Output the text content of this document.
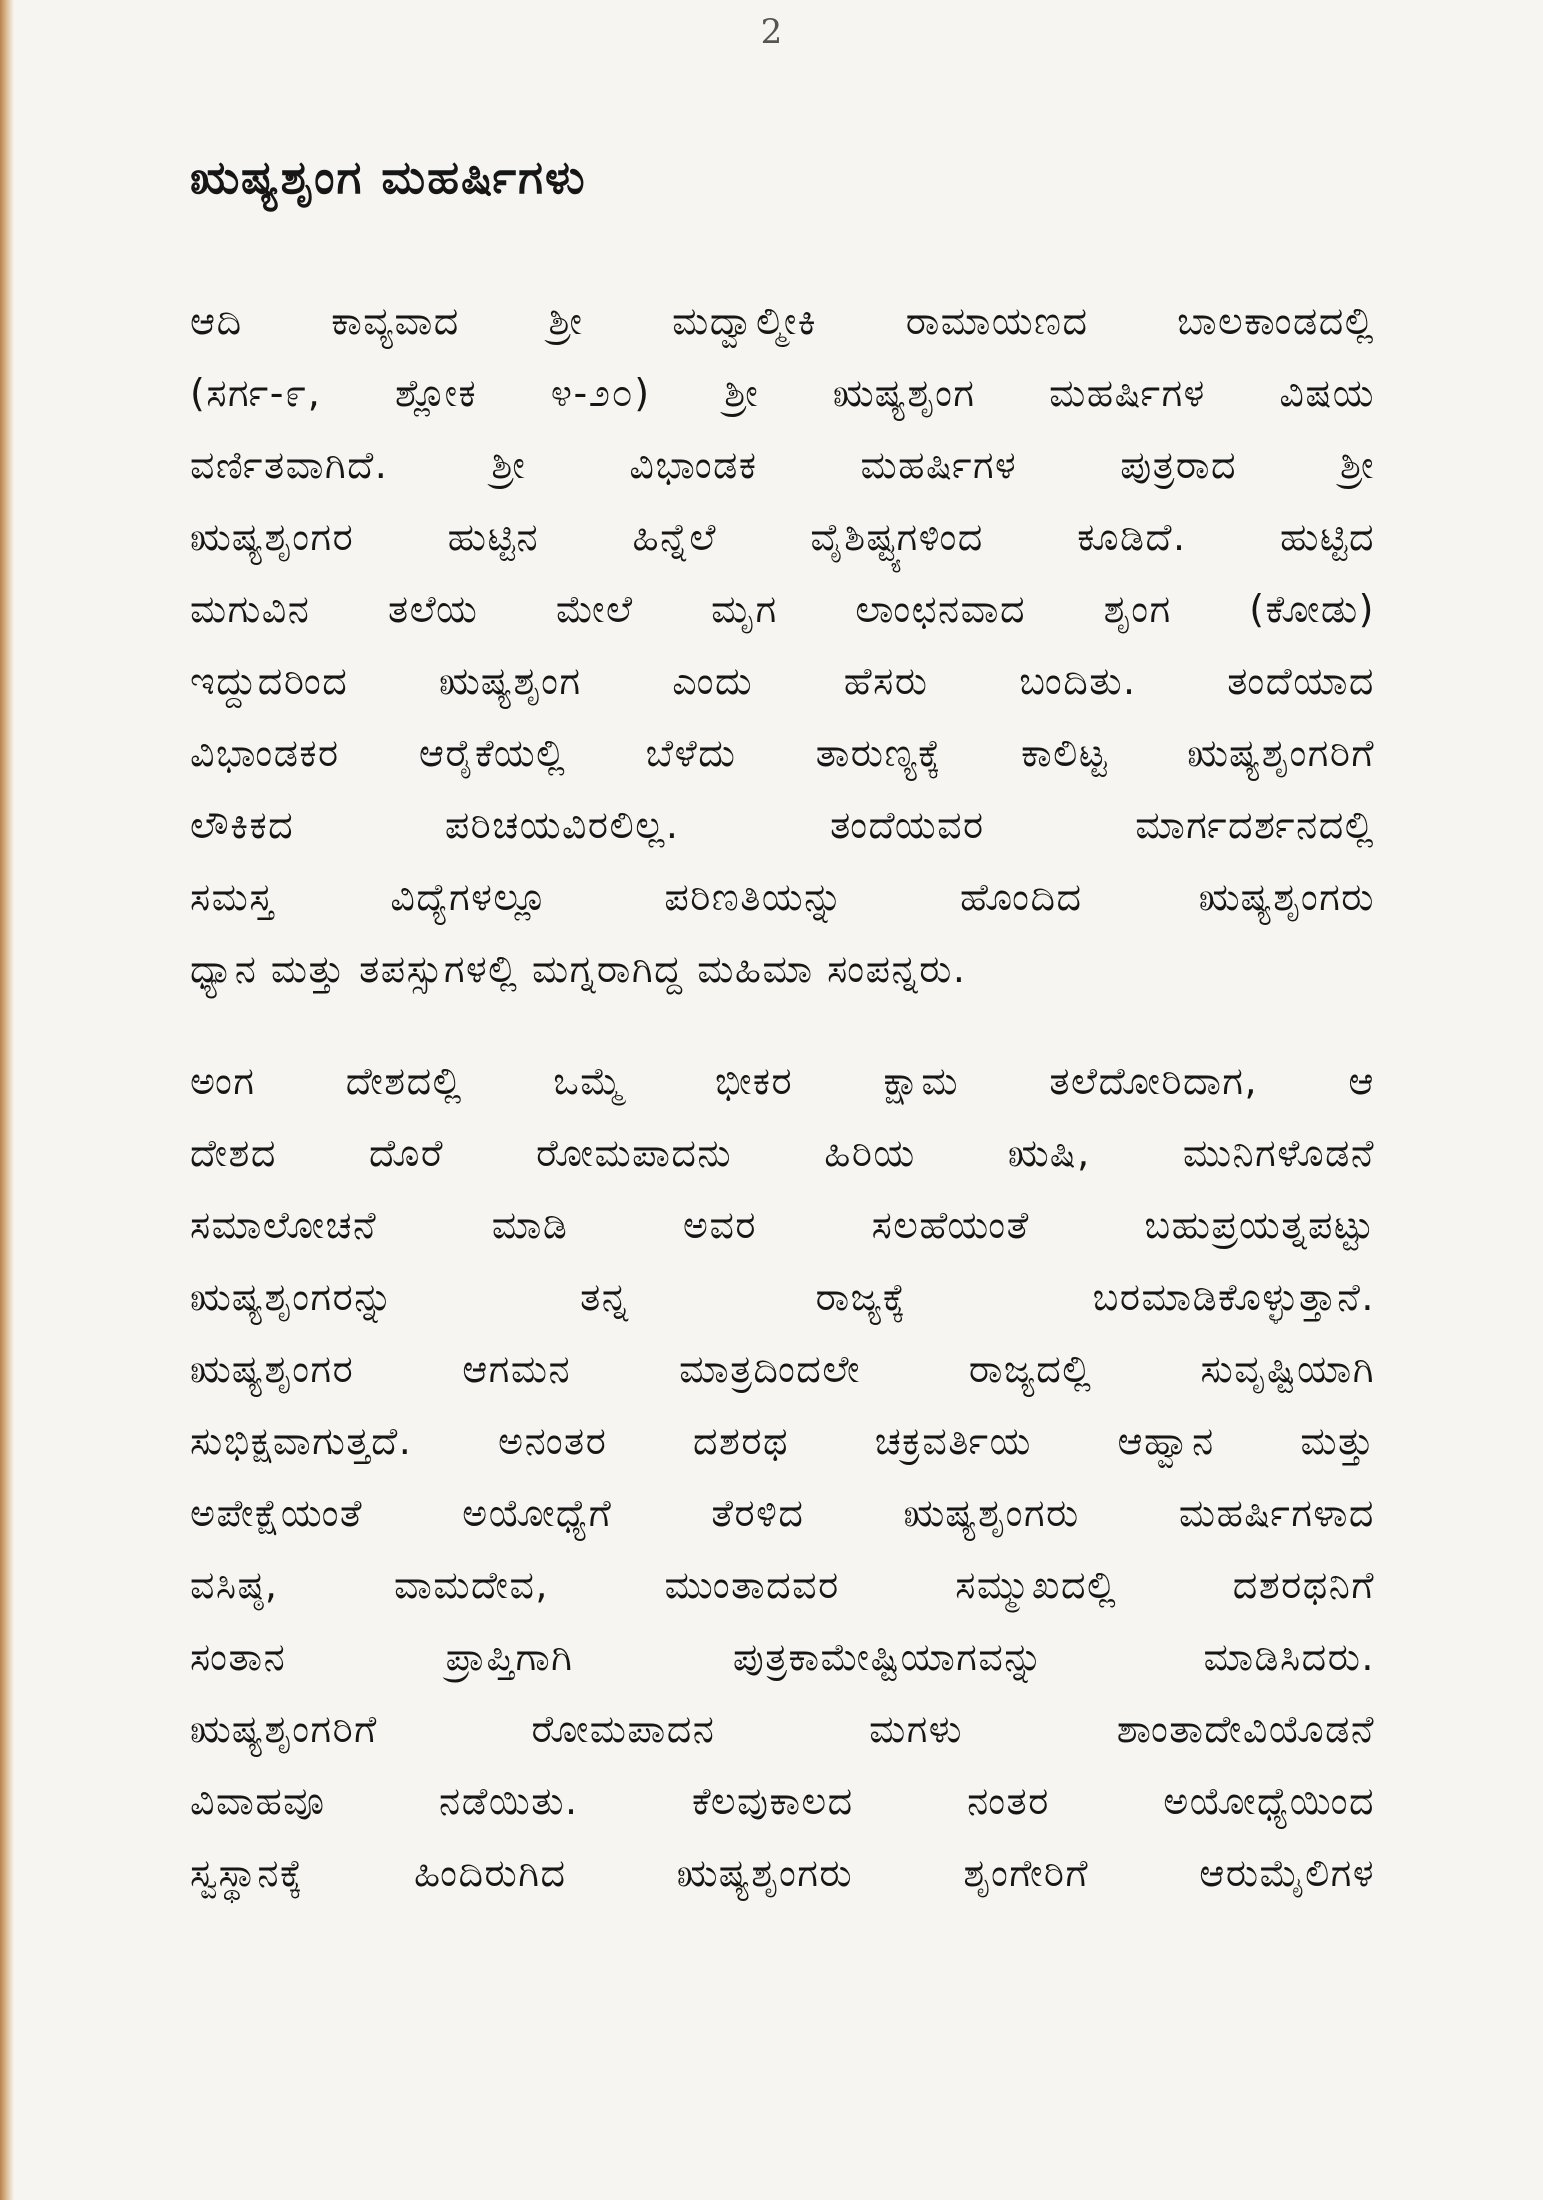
2
ಋಷ್ಯಶೃಂಗ ಮಹರ್ಷಿಗಳು
ಆದಿ ಕಾವ್ಯವಾದ ಶ್ರೀ ಮದ್ವಾಲ್ಮೀಕಿ ರಾಮಾಯಣದ ಬಾಲಕಾಂಡದಲ್ಲಿ
(ಸರ್ಗ-೯, ಶ್ಲೋಕ ೪-೨೦) ಶ್ರೀ ಋಷ್ಯಶೃಂಗ ಮಹರ್ಷಿಗಳ ವಿಷಯ
ವರ್ಣಿತವಾಗಿದೆ. ಶ್ರೀ ವಿಭಾಂಡಕ ಮಹರ್ಷಿಗಳ ಪುತ್ರರಾದ ಶ್ರೀ
ಋಷ್ಯಶೃಂಗರ ಹುಟ್ಟಿನ ಹಿನ್ನೆಲೆ ವೈಶಿಷ್ಟ್ಯಗಳಿಂದ ಕೂಡಿದೆ. ಹುಟ್ಟಿದ
ಮಗುವಿನ ತಲೆಯ ಮೇಲೆ ಮೃಗ ಲಾಂಛನವಾದ ಶೃಂಗ (ಕೋಡು)
ಇದ್ದುದರಿಂದ ಋಷ್ಯಶೃಂಗ ಎಂದು ಹೆಸರು ಬಂದಿತು. ತಂದೆಯಾದ
ವಿಭಾಂಡಕರ ಆರೈಕೆಯಲ್ಲಿ ಬೆಳೆದು ತಾರುಣ್ಯಕ್ಕೆ ಕಾಲಿಟ್ಟ ಋಷ್ಯಶೃಂಗರಿಗೆ
ಲೌಕಿಕದ ಪರಿಚಯವಿರಲಿಲ್ಲ. ತಂದೆಯವರ ಮಾರ್ಗದರ್ಶನದಲ್ಲಿ
ಸಮಸ್ತ ವಿದ್ಯೆಗಳಲ್ಲೂ ಪರಿಣತಿಯನ್ನು ಹೊಂದಿದ ಋಷ್ಯಶೃಂಗರು
ಧ್ಯಾನ ಮತ್ತು ತಪಸ್ಸುಗಳಲ್ಲಿ ಮಗ್ನರಾಗಿದ್ದ ಮಹಿಮಾ ಸಂಪನ್ನರು.
ಅಂಗ ದೇಶದಲ್ಲಿ ಒಮ್ಮೆ ಭೀಕರ ಕ್ಷಾಮ ತಲೆದೋರಿದಾಗ, ಆ
ದೇಶದ ದೊರೆ ರೋಮಪಾದನು ಹಿರಿಯ ಋಷಿ, ಮುನಿಗಳೊಡನೆ
ಸಮಾಲೋಚನೆ ಮಾಡಿ ಅವರ ಸಲಹೆಯಂತೆ ಬಹುಪ್ರಯತ್ನಪಟ್ಟು
ಋಷ್ಯಶೃಂಗರನ್ನು ತನ್ನ ರಾಜ್ಯಕ್ಕೆ ಬರಮಾಡಿಕೊಳ್ಳುತ್ತಾನೆ.
ಋಷ್ಯಶೃಂಗರ ಆಗಮನ ಮಾತ್ರದಿಂದಲೇ ರಾಜ್ಯದಲ್ಲಿ ಸುವೃಷ್ಟಿಯಾಗಿ
ಸುಭಿಕ್ಷವಾಗುತ್ತದೆ. ಅನಂತರ ದಶರಥ ಚಕ್ರವರ್ತಿಯ ಆಹ್ವಾನ ಮತ್ತು
ಅಪೇಕ್ಷೆಯಂತೆ ಅಯೋಧ್ಯೆಗೆ ತೆರಳಿದ ಋಷ್ಯಶೃಂಗರು ಮಹರ್ಷಿಗಳಾದ
ವಸಿಷ್ಠ, ವಾಮದೇವ, ಮುಂತಾದವರ ಸಮ್ಮುಖದಲ್ಲಿ ದಶರಥನಿಗೆ
ಸಂತಾನ ಪ್ರಾಪ್ತಿಗಾಗಿ ಪುತ್ರಕಾಮೇಷ್ಟಿಯಾಗವನ್ನು ಮಾಡಿಸಿದರು.
ಋಷ್ಯಶೃಂಗರಿಗೆ ರೋಮಪಾದನ ಮಗಳು ಶಾಂತಾದೇವಿಯೊಡನೆ
ವಿವಾಹವೂ ನಡೆಯಿತು. ಕೆಲವುಕಾಲದ ನಂತರ ಅಯೋಧ್ಯೆಯಿಂದ
ಸ್ವಸ್ಥಾನಕ್ಕೆ ಹಿಂದಿರುಗಿದ ಋಷ್ಯಶೃಂಗರು ಶೃಂಗೇರಿಗೆ ಆರುಮೈಲಿಗಳ
